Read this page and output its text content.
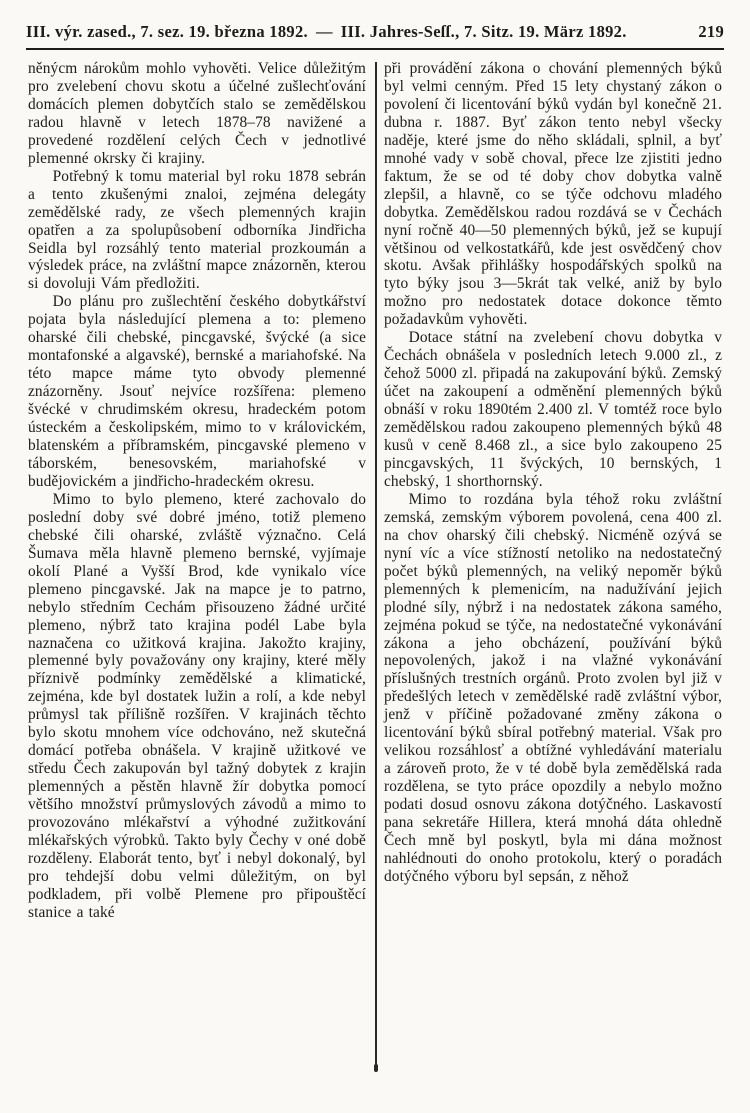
III. výr. zased., 7. sez. 19. března 1892. — III. Jahres-Seſſ., 7. Sitz. 19. März 1892.	219

něnýcm nárokům mohlo vyhověti. Velice důležitým pro zvelebení chovu skotu a účelné zušlechťování domácích plemen dobytčích stalo se zemědělskou radou hlavně v letech 1878–78 navižené a provedené rozdělení celých Čech v jednotlivé plemenné okrsky či krajiny.

Potřebný k tomu material byl roku 1878 sebrán a tento zkušenými znaloi, zejména delegáty zemědělské rady, ze všech plemenných krajin opatřen a za spolupůsobení odborníka Jindřicha Seidla byl rozsáhlý tento material prozkoumán a výsledek práce, na zvláštní mapce znázorněn, kterou si dovoluji Vám předložiti.

Do plánu pro zušlechtění českého dobytkářství pojata byla následující plemena a to: plemeno oharské čili chebské, pincgavské, švýcké (a sice montafonské a algavské), bernské a mariahofské. Na této mapce máme tyto obvody plemenné znázorněny. Jsouť nejvíce rozšířena: plemeno švécké v chrudimském okresu, hradeckém potom ústeckém a českolipském, mimo to v královickém, blatenském a příbramském, pincgavské plemeno v táborském, benesovském, mariahofské v budějovickém a jindřicho-hradeckém okresu.

Mimo to bylo plemeno, které zachovalo do poslední doby své dobré jméno, totiž plemeno chebské čili oharské, zvláště význačno. Celá Šumava měla hlavně plemeno bernské, vyjímaje okolí Plané a Vyšší Brod, kde vynikalo více plemeno pincgavské. Jak na mapce je to patrno, nebylo středním Cechám přisouzeno žádné určité plemeno, nýbrž tato krajina podél Labe byla naznačena co užitková krajina. Jakožto krajiny, plemenné byly považovány ony krajiny, které měly příznivě podmínky zemědělské a klimatické, zejména, kde byl dostatek lužin a rolí, a kde nebyl průmysl tak přílišně rozšířen. V krajinách těchto bylo skotu mnohem více odchováno, než skutečná domácí potřeba obnášela. V krajině užitkové ve středu Čech zakupován byl tažný dobytek z krajin plemenných a pěstěn hlavně žír dobytka pomocí většího množství průmyslových závodů a mimo to provozováno mlékařství a výhodné zužitkování mlékařských výrobků. Takto byly Čechy v oné době rozděleny. Elaborát tento, byť i nebyl dokonalý, byl pro tehdejší dobu velmi důležitým, on byl podkladem, při volbě Plemene pro připouštěcí stanice a také

při provádění zákona o chování plemenných býků byl velmi cenným. Před 15 lety chystaný zákon o povolení či licentování býků vydán byl konečně 21. dubna r. 1887. Byť zákon tento nebyl všecky naděje, které jsme do něho skládali, splnil, a byť mnohé vady v sobě choval, přece lze zjistiti jedno faktum, že se od té doby chov dobytka valně zlepšil, a hlavně, co se týče odchovu mladého dobytka. Zemědělskou radou rozdává se v Čechách nyní ročně 40—50 plemenných býků, jež se kupují většinou od velkostatkářů, kde jest osvědčený chov skotu. Avšak přihlášky hospodářských spolků na tyto býky jsou 3—5krát tak velké, aniž by bylo možno pro nedostatek dotace dokonce těmto požadavkům vyhověti.

Dotace státní na zvelebení chovu dobytka v Čechách obnášela v posledních letech 9.000 zl., z čehož 5000 zl. připadá na zakupování býků. Zemský účet na zakoupení a odměnění plemenných býků obnáší v roku 1890tém 2.400 zl. V tomtéž roce bylo zemědělskou radou zakoupeno plemenných býků 48 kusů v ceně 8.468 zl., a sice bylo zakoupeno 25 pincgavských, 11 švýckých, 10 bernských, 1 chebský, 1 shorthornský.

Mimo to rozdána byla téhož roku zvláštní zemská, zemským výborem povolená, cena 400 zl. na chov oharský čili chebský. Nicméně ozývá se nyní víc a více stížností netoliko na nedostatečný počet býků plemenných, na veliký nepoměr býků plemenných k plemenicím, na nadužívání jejich plodné síly, nýbrž i na nedostatek zákona samého, zejména pokud se týče, na nedostatečné vykonávání zákona a jeho obcházení, používání býků nepovolených, jakož i na vlažné vykonávání příslušných trestních orgánů. Proto zvolen byl již v předešlých letech v zemědělské radě zvláštní výbor, jenž v příčině požadované změny zákona o licentování býků sbíral potřebný material. Však pro velikou rozsáhlosť a obtížné vyhledávání materialu a zároveň proto, že v té době byla zemědělská rada rozdělena, se tyto práce opozdily a nebylo možno podati dosud osnovu zákona dotýčného. Laskavostí pana sekretáře Hillera, která mnohá dáta ohledně Čech mně byl poskytl, byla mi dána možnost nahlédnouti do onoho protokolu, který o poradách dotýčného výboru byl sepsán, z něhož
